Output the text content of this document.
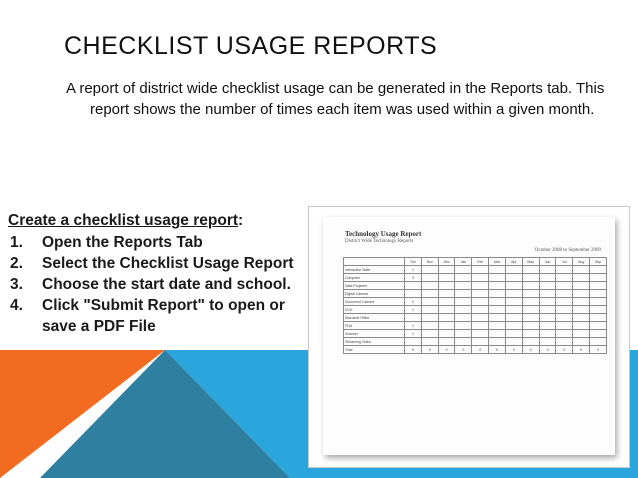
CHECKLIST USAGE REPORTS

A report of district wide checklist usage can be generated in the Reports tab. This report shows the number of times each item was used within a given month.

Create a checklist usage report:
1. Open the Reports Tab
2. Select the Checklist Usage Report
3. Choose the start date and school.
4. Click "Submit Report" to open or save a PDF File
Technology Usage Report
District Wide Technology Reports
October 2008 to September 2009
	Oct	Nov	Dec	Jan	Feb	Mar	Apr	May	Jun	Jul	Aug	Sep
Interactive Slate	1											
Computer	3											
Data Projector												
Digital Camera												
Document Camera	2											
DVD	1											
Microsoft Office												
PDA	1											
Scanner	1											
Streaming Video												
Total	9	0	0	0	0	0	0	0	0	0	0	0
